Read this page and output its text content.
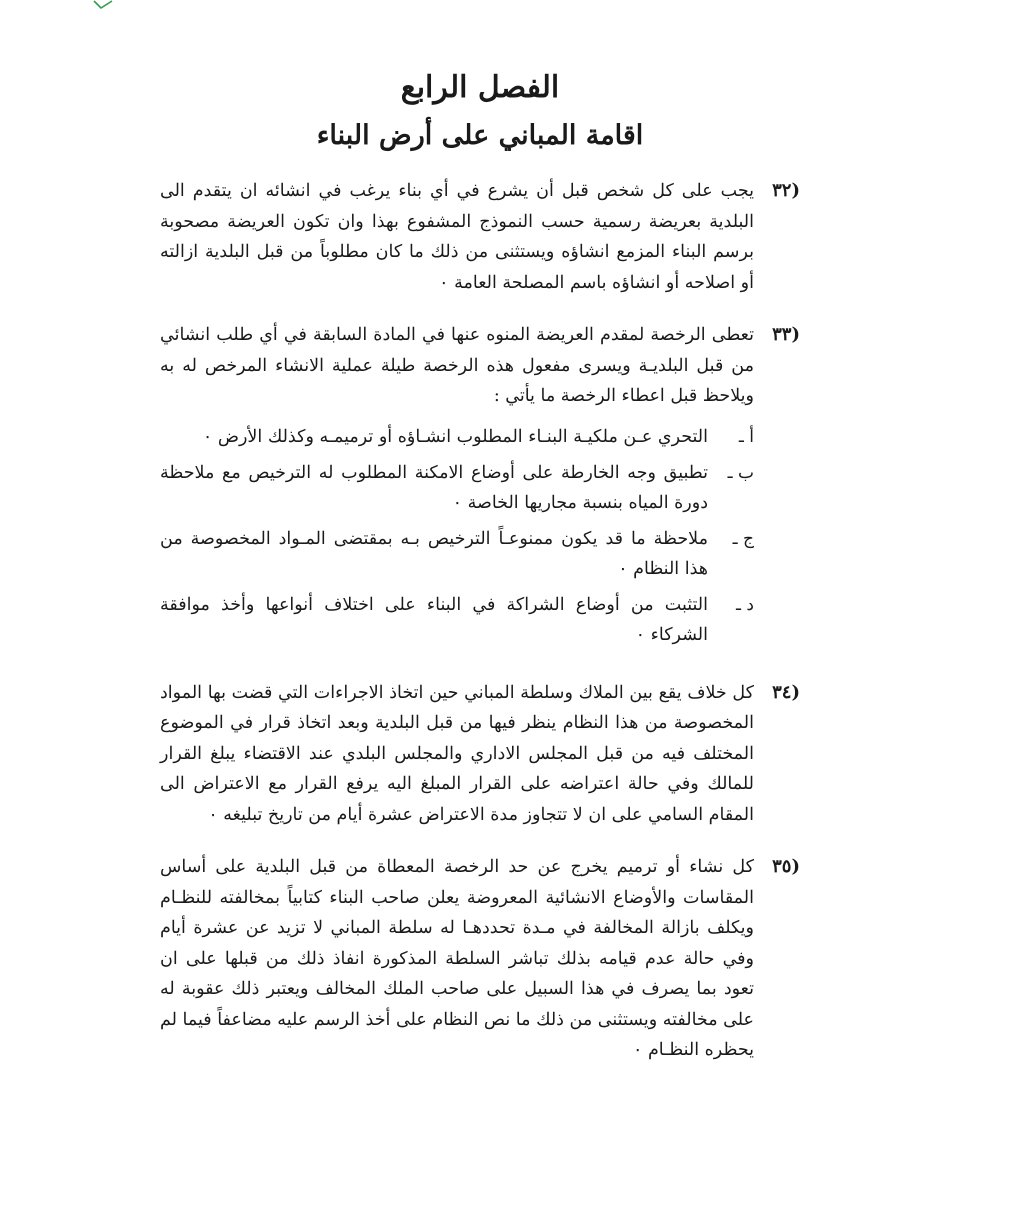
الفصل الرابع
اقامة المباني على أرض البناء
(٣٢
يجب على كل شخص قبل أن يشرع في أي بناء يرغب في انشائه ان يتقدم الى البلدية بعريضة رسمية حسب النموذج المشفوع بهذا وان تكون العريضة مصحوبة برسم البناء المزمع انشاؤه ويستثنى من ذلك ما كان مطلوباً من قبل البلدية ازالته أو اصلاحه أو انشاؤه باسم المصلحة العامة ٠
(٣٣
تعطى الرخصة لمقدم العريضة المنوه عنها في المادة السابقة في أي طلب انشائي من قبل البلديـة ويسرى مفعول هذه الرخصة طيلة عملية الانشاء المرخص له به ويلاحظ قبل اعطاء الرخصة ما يأتي :
أ ـ
التحري عـن ملكيـة البنـاء المطلوب انشـاؤه أو ترميمـه وكذلك الأرض ٠
ب ـ
تطبيق وجه الخارطة على أوضاع الامكنة المطلوب له الترخيص مع ملاحظة دورة المياه بنسبة مجاريها الخاصة ٠
ج ـ
ملاحظة ما قد يكون ممنوعـاً الترخيص بـه بمقتضى المـواد المخصوصة من هذا النظام ٠
د ـ
التثبت من أوضاع الشراكة في البناء على اختلاف أنواعها وأخذ موافقة الشركاء ٠
(٣٤
كل خلاف يقع بين الملاك وسلطة المباني حين اتخاذ الاجراءات التي قضت بها المواد المخصوصة من هذا النظام ينظر فيها من قبل البلدية وبعد اتخاذ قرار في الموضوع المختلف فيه من قبل المجلس الاداري والمجلس البلدي عند الاقتضاء يبلغ القرار للمالك وفي حالة اعتراضه على القرار المبلغ اليه يرفع القرار مع الاعتراض الى المقام السامي على ان لا تتجاوز مدة الاعتراض عشرة أيام من تاريخ تبليغه ٠
(٣٥
كل نشاء أو ترميم يخرج عن حد الرخصة المعطاة من قبل البلدية على أساس المقاسات والأوضاع الانشائية المعروضة يعلن صاحب البناء كتابياً بمخالفته للنظـام ويكلف بازالة المخالفة في مـدة تحددهـا له سلطة المباني لا تزيد عن عشرة أيام وفي حالة عدم قيامه بذلك تباشر السلطة المذكورة انفاذ ذلك من قبلها على ان تعود بما يصرف في هذا السبيل على صاحب الملك المخالف ويعتبر ذلك عقوبة له على مخالفته ويستثنى من ذلك ما نص النظام على أخذ الرسم عليه مضاعفاً فيما لم يحظره النظـام ٠
